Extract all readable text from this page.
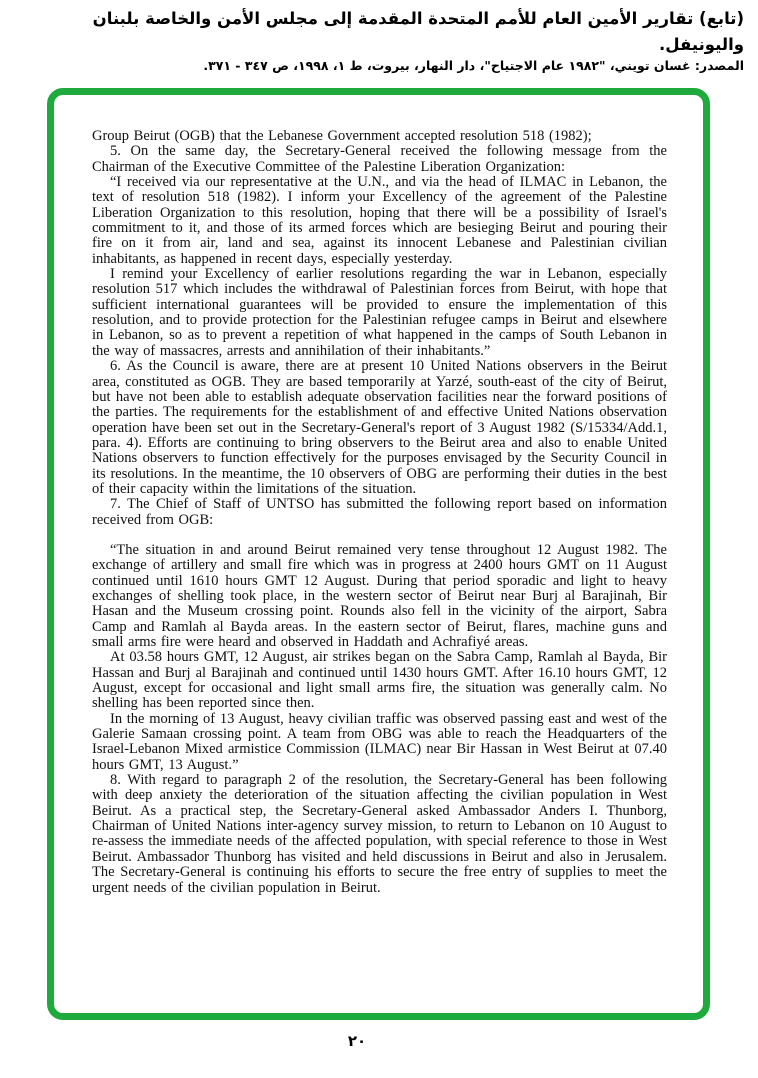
(تابع) تقارير الأمين العام للأمم المتحدة المقدمة إلى مجلس الأمن والخاصة بلبنان واليونيفل.
المصدر: غسان تويني، "١٩٨٢ عام الاجتياح"، دار النهار، بيروت، ط ١، ١٩٩٨، ص ٣٤٧ - ٣٧١.

Group Beirut (OGB) that the Lebanese Government accepted resolution 518 (1982);

5. On the same day, the Secretary-General received the following message from the Chairman of the Executive Committee of the Palestine Liberation Organization:

“I received via our representative at the U.N., and via the head of ILMAC in Lebanon, the text of resolution 518 (1982). I inform your Excellency of the agreement of the Palestine Liberation Organization to this resolution, hoping that there will be a possibility of Israel's commitment to it, and those of its armed forces which are besieging Beirut and pouring their fire on it from air, land and sea, against its innocent Lebanese and Palestinian civilian inhabitants, as happened in recent days, especially yesterday.

I remind your Excellency of earlier resolutions regarding the war in Lebanon, especially resolution 517 which includes the withdrawal of Palestinian forces from Beirut, with hope that sufficient international guarantees will be provided to ensure the implementation of this resolution, and to provide protection for the Palestinian refugee camps in Beirut and elsewhere in Lebanon, so as to prevent a repetition of what happened in the camps of South Lebanon in the way of massacres, arrests and annihilation of their inhabitants.”

6. As the Council is aware, there are at present 10 United Nations observers in the Beirut area, constituted as OGB. They are based temporarily at Yarzé, south-east of the city of Beirut, but have not been able to establish adequate observation facilities near the forward positions of the parties. The requirements for the establishment of and effective United Nations observation operation have been set out in the Secretary-General's report of 3 August 1982 (S/15334/Add.1, para. 4). Efforts are continuing to bring observers to the Beirut area and also to enable United Nations observers to function effectively for the purposes envisaged by the Security Council in its resolutions. In the meantime, the 10 observers of OBG are performing their duties in the best of their capacity within the limitations of the situation.

7. The Chief of Staff of UNTSO has submitted the following report based on information received from OGB:

“The situation in and around Beirut remained very tense throughout 12 August 1982. The exchange of artillery and small fire which was in progress at 2400 hours GMT on 11 August continued until 1610 hours GMT 12 August. During that period sporadic and light to heavy exchanges of shelling took place, in the western sector of Beirut near Burj al Barajinah, Bir Hasan and the Museum crossing point. Rounds also fell in the vicinity of the airport, Sabra Camp and Ramlah al Bayda areas. In the eastern sector of Beirut, flares, machine guns and small arms fire were heard and observed in Haddath and Achrafiyé areas.

At 03.58 hours GMT, 12 August, air strikes began on the Sabra Camp, Ramlah al Bayda, Bir Hassan and Burj al Barajinah and continued until 1430 hours GMT. After 16.10 hours GMT, 12 August, except for occasional and light small arms fire, the situation was generally calm. No shelling has been reported since then.

In the morning of 13 August, heavy civilian traffic was observed passing east and west of the Galerie Samaan crossing point. A team from OBG was able to reach the Headquarters of the Israel-Lebanon Mixed armistice Commission (ILMAC) near Bir Hassan in West Beirut at 07.40 hours GMT, 13 August.”

8. With regard to paragraph 2 of the resolution, the Secretary-General has been following with deep anxiety the deterioration of the situation affecting the civilian population in West Beirut. As a practical step, the Secretary-General asked Ambassador Anders I. Thunborg, Chairman of United Nations inter-agency survey mission, to return to Lebanon on 10 August to re-assess the immediate needs of the affected population, with special reference to those in West Beirut. Ambassador Thunborg has visited and held discussions in Beirut and also in Jerusalem. The Secretary-General is continuing his efforts to secure the free entry of supplies to meet the urgent needs of the civilian population in Beirut.

٢٠
